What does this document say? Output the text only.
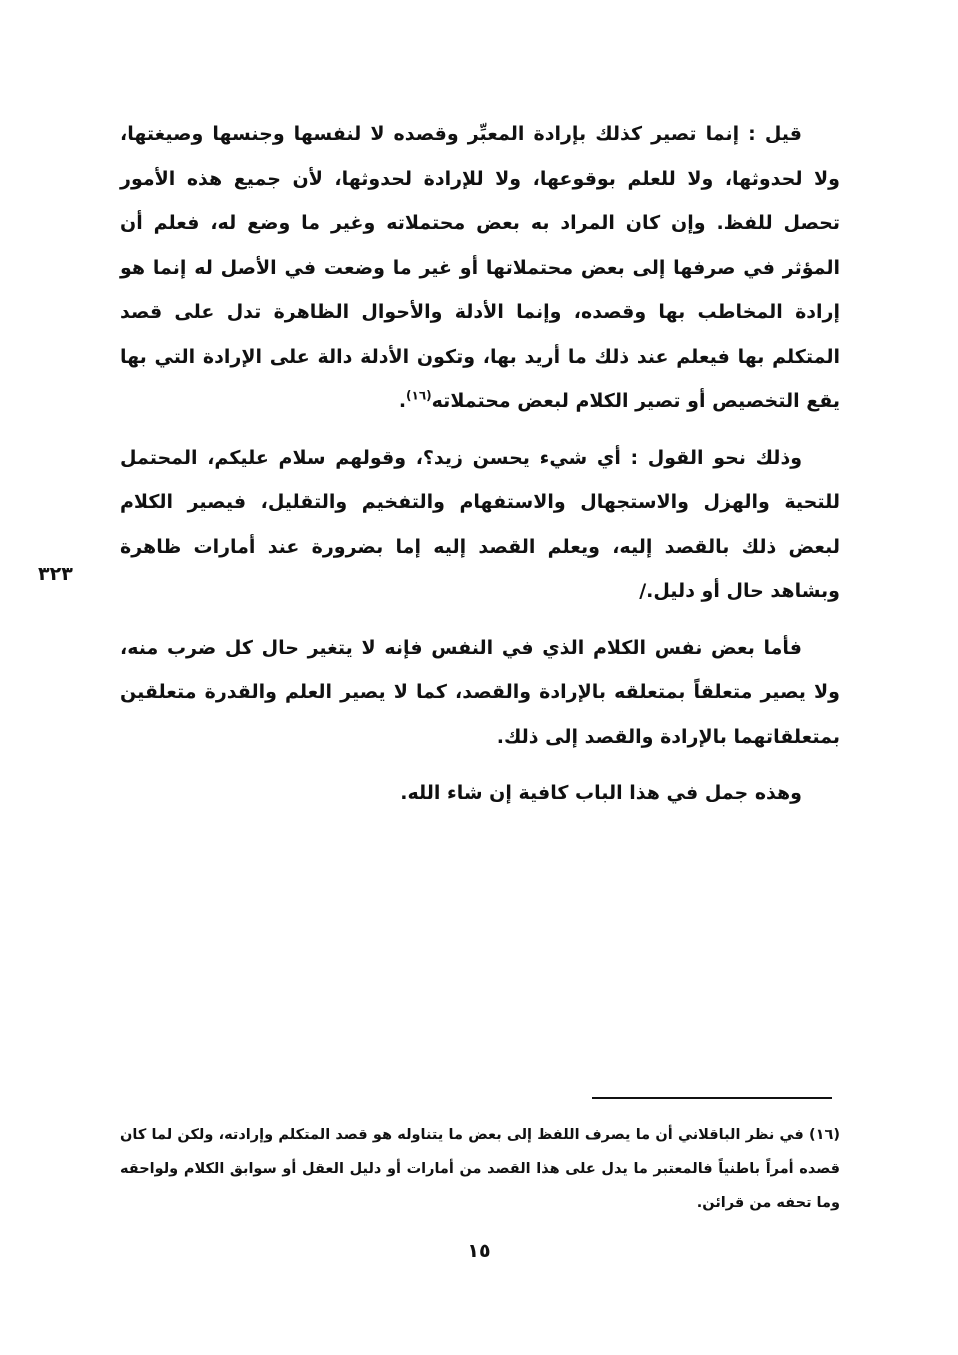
قيل : إنما تصير كذلك بإرادة المعبِّر وقصده لا لنفسها وجنسها وصيغتها، ولا لحدوثها، ولا للعلم بوقوعها، ولا للإرادة لحدوثها، لأن جميع هذه الأمور تحصل للفظ. وإن كان المراد به بعض محتملاته وغير ما وضع له، فعلم أن المؤثر في صرفها إلى بعض محتملاتها أو غير ما وضعت في الأصل له إنما هو إرادة المخاطب بها وقصده، وإنما الأدلة والأحوال الظاهرة تدل على قصد المتكلم بها فيعلم عند ذلك ما أريد بها، وتكون الأدلة دالة على الإرادة التي بها يقع التخصيص أو تصير الكلام لبعض محتملاته$^{(١٦)}$.

وذلك نحو القول : أي شيء يحسن زيد؟، وقولهم سلام عليكم، المحتمل للتحية والهزل والاستجهال والاستفهام والتفخيم والتقليل، فيصير الكلام لبعض ذلك بالقصد إليه، ويعلم القصد إليه إما بضرورة عند أمارات ظاهرة وبشاهد حال أو دليل./

فأما بعض نفس الكلام الذي في النفس فإنه لا يتغير حال كل ضرب منه، ولا يصير متعلقاً بمتعلقه بالإرادة والقصد، كما لا يصير العلم والقدرة متعلقين بمتعلقاتهما بالإرادة والقصد إلى ذلك.

وهذه جمل في هذا الباب كافية إن شاء الله.

٣٢٣
(١٦) في نظر الباقلاني أن ما يصرف اللفظ إلى بعض ما يتناوله هو قصد المتكلم وإرادته، ولكن لما كان قصده أمراً باطنياً فالمعتبر ما يدل على هذا القصد من أمارات أو دليل العقل أو سوابق الكلام ولواحقه وما تحفه من قرائن.
١٥
